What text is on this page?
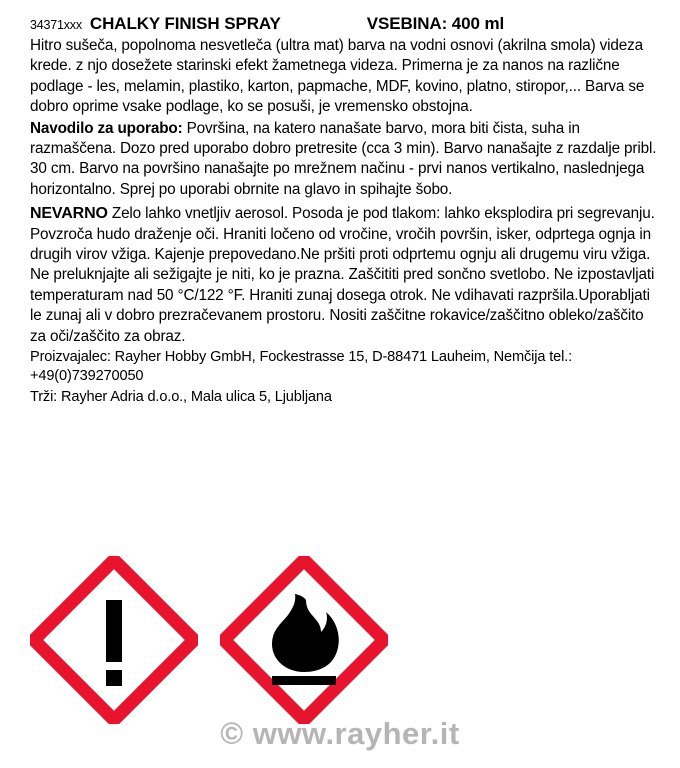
34371xxx CHALKY FINISH SPRAY	VSEBINA: 400 ml

Hitro sušeča, popolnoma nesvetleča (ultra mat) barva na vodni osnovi (akrilna smola) videza krede. z njo dosežete starinski efekt žametnega videza. Primerna je za nanos na različne podlage - les, melamin, plastiko, karton, papmache, MDF, kovino, platno, stiropor,... Barva se dobro oprime vsake podlage, ko se posuši, je vremensko obstojna.

Navodilo za uporabo: Površina, na katero nanašate barvo, mora biti čista, suha in razmaščena. Dozo pred uporabo dobro pretresite (cca 3 min). Barvo nanašajte z razdalje pribl. 30 cm. Barvo na površino nanašajte po mrežnem načinu - prvi nanos vertikalno, naslednjega horizontalno. Sprej po uporabi obrnite na glavo in spihajte šobo.

NEVARNO Zelo lahko vnetljiv aerosol. Posoda je pod tlakom: lahko eksplodira pri segrevanju. Povzroča hudo draženje oči. Hraniti ločeno od vročine, vročih površin, isker, odprtega ognja in drugih virov vžiga. Kajenje prepovedano.Ne pršiti proti odprtemu ognju ali drugemu viru vžiga. Ne preluknjajte ali sežigajte je niti, ko je prazna. Zaščititi pred sončno svetlobo. Ne izpostavljati temperaturam nad 50 °C/122 °F. Hraniti zunaj dosega otrok. Ne vdihavati razpršila.Uporabljati le zunaj ali v dobro prezračevanem prostoru. Nositi zaščitne rokavice/zaščitno obleko/zaščito za oči/zaščito za obraz.

Proizvajalec: Rayher Hobby GmbH, Fockestrasse 15, D-88471 Lauheim, Nemčija tel.: +49(0)739270050

Trži: Rayher Adria d.o.o., Mala ulica 5, Ljubljana

© www.rayher.it
